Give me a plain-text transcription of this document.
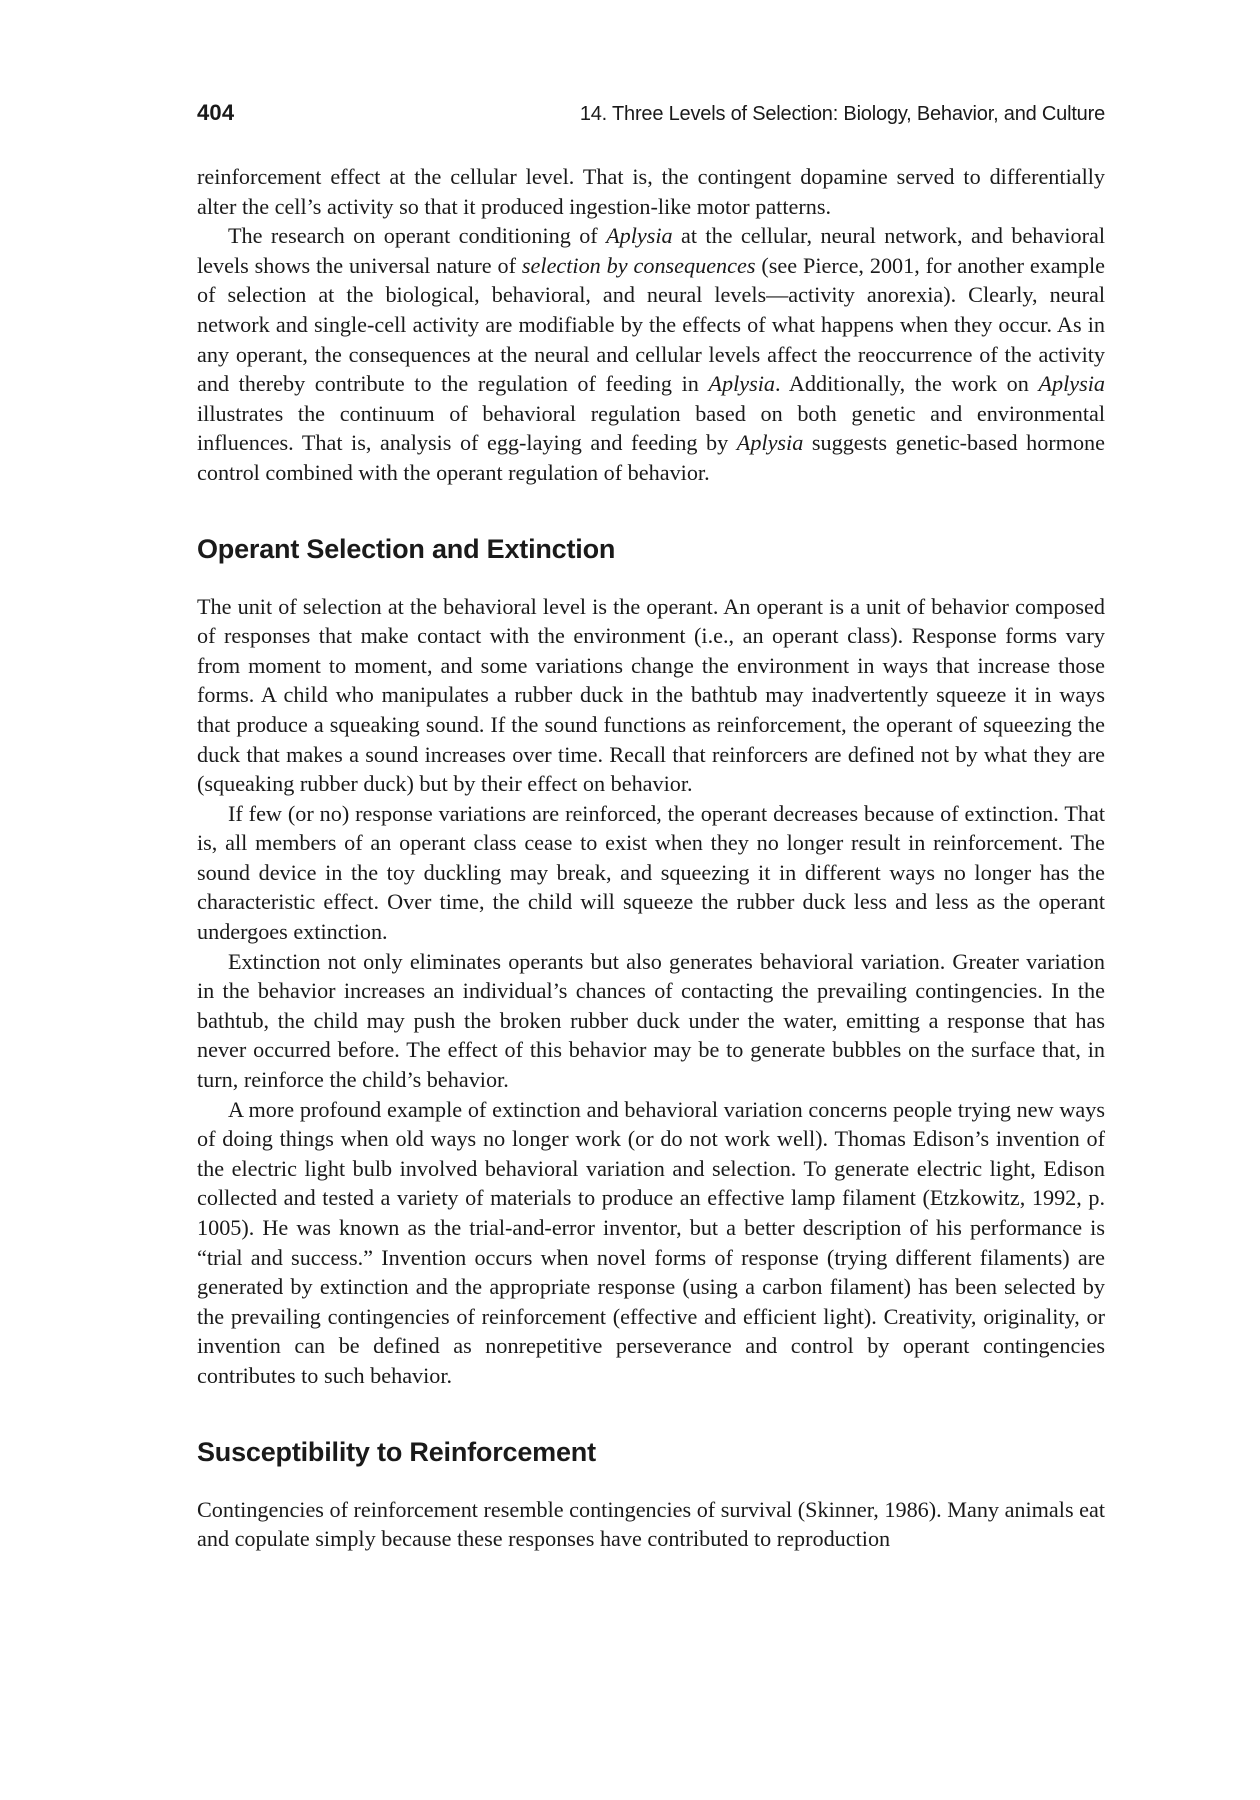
404	14. Three Levels of Selection: Biology, Behavior, and Culture

reinforcement effect at the cellular level. That is, the contingent dopamine served to differentially alter the cell’s activity so that it produced ingestion-like motor patterns.

The research on operant conditioning of Aplysia at the cellular, neural network, and behavioral levels shows the universal nature of selection by consequences (see Pierce, 2001, for another example of selection at the biological, behavioral, and neural levels—activity anorexia). Clearly, neural network and single-cell activity are modifiable by the effects of what happens when they occur. As in any operant, the consequences at the neural and cellular levels affect the reoccurrence of the activity and thereby contribute to the regulation of feeding in Aplysia. Additionally, the work on Aplysia illustrates the continuum of behavioral regulation based on both genetic and environmental influences. That is, analysis of egg-laying and feeding by Aplysia suggests genetic-based hormone control combined with the operant regulation of behavior.

Operant Selection and Extinction

The unit of selection at the behavioral level is the operant. An operant is a unit of behavior composed of responses that make contact with the environment (i.e., an operant class). Response forms vary from moment to moment, and some variations change the environment in ways that increase those forms. A child who manipulates a rubber duck in the bathtub may inadvertently squeeze it in ways that produce a squeaking sound. If the sound functions as reinforcement, the operant of squeezing the duck that makes a sound increases over time. Recall that reinforcers are defined not by what they are (squeaking rubber duck) but by their effect on behavior.

If few (or no) response variations are reinforced, the operant decreases because of extinction. That is, all members of an operant class cease to exist when they no longer result in reinforcement. The sound device in the toy duckling may break, and squeezing it in different ways no longer has the characteristic effect. Over time, the child will squeeze the rubber duck less and less as the operant undergoes extinction.

Extinction not only eliminates operants but also generates behavioral variation. Greater variation in the behavior increases an individual’s chances of contacting the prevailing contingencies. In the bathtub, the child may push the broken rubber duck under the water, emitting a response that has never occurred before. The effect of this behavior may be to generate bubbles on the surface that, in turn, reinforce the child’s behavior.

A more profound example of extinction and behavioral variation concerns people trying new ways of doing things when old ways no longer work (or do not work well). Thomas Edison’s invention of the electric light bulb involved behavioral variation and selection. To generate electric light, Edison collected and tested a variety of materials to produce an effective lamp filament (Etzkowitz, 1992, p. 1005). He was known as the trial-and-error inventor, but a better description of his performance is “trial and success.” Invention occurs when novel forms of response (trying different filaments) are generated by extinction and the appropriate response (using a carbon filament) has been selected by the prevailing contingencies of reinforcement (effective and efficient light). Creativity, originality, or invention can be defined as nonrepetitive perseverance and control by operant contingencies contributes to such behavior.

Susceptibility to Reinforcement

Contingencies of reinforcement resemble contingencies of survival (Skinner, 1986). Many animals eat and copulate simply because these responses have contributed to reproduction
